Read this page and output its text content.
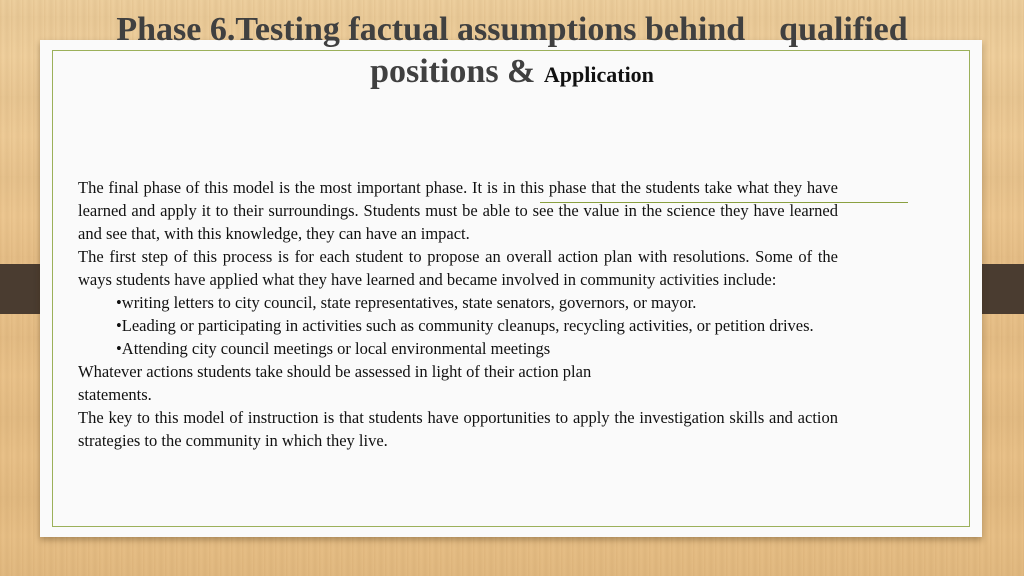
Phase 6.Testing factual assumptions behind    qualified
positions & Application

The final phase of this model is the most important phase. It is in this phase that the students take what they have learned and apply it to their surroundings. Students must be able to see the value in the science they have learned and see that, with this knowledge, they can have an impact.

The first step of this process is for each student to propose an overall action plan with resolutions. Some of the ways students have applied what they have learned and became involved in community activities include:

•writing letters to city council, state representatives, state senators, governors, or mayor.

•Leading or participating in activities such as community cleanups, recycling activities, or petition drives.

•Attending city council meetings or local environmental meetings

Whatever actions students take should be assessed in light of their action plan

statements.

The key to this model of instruction is that students have opportunities to apply the investigation skills and action strategies to the community in which they live.
